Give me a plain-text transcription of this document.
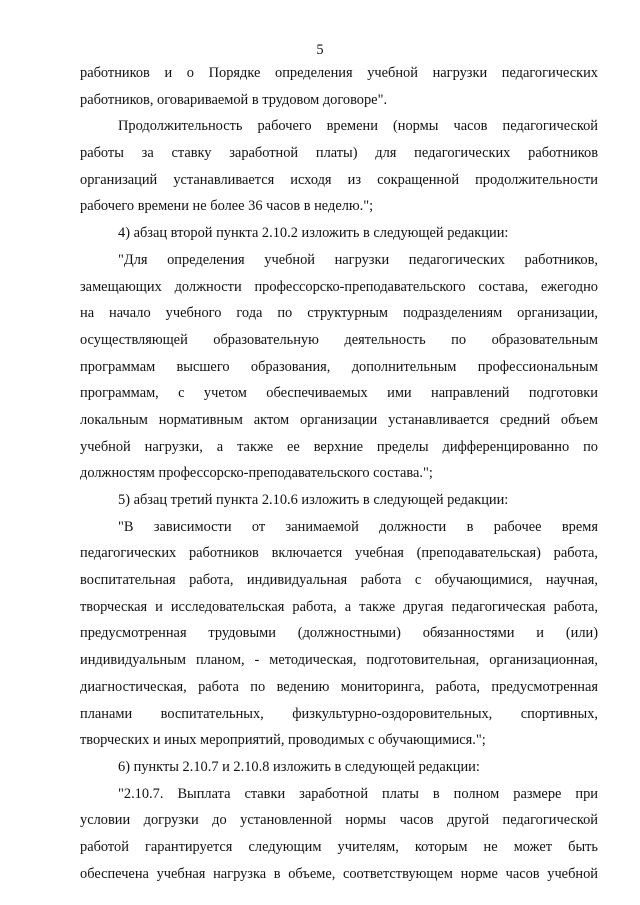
5
работников и о Порядке определения учебной нагрузки педагогических
работников, оговариваемой в трудовом договоре".
Продолжительность рабочего времени (нормы часов педагогической
работы за ставку заработной платы) для педагогических работников
организаций устанавливается исходя из сокращенной продолжительности
рабочего времени не более 36 часов в неделю.";
4) абзац второй пункта 2.10.2 изложить в следующей редакции:
"Для определения учебной нагрузки педагогических работников,
замещающих должности профессорско-преподавательского состава, ежегодно
на начало учебного года по структурным подразделениям организации,
осуществляющей образовательную деятельность по образовательным
программам высшего образования, дополнительным профессиональным
программам, с учетом обеспечиваемых ими направлений подготовки
локальным нормативным актом организации устанавливается средний объем
учебной нагрузки, а также ее верхние пределы дифференцированно по
должностям профессорско-преподавательского состава.";
5) абзац третий пункта 2.10.6 изложить в следующей редакции:
"В зависимости от занимаемой должности в рабочее время
педагогических работников включается учебная (преподавательская) работа,
воспитательная работа, индивидуальная работа с обучающимися, научная,
творческая и исследовательская работа, а также другая педагогическая работа,
предусмотренная трудовыми (должностными) обязанностями и (или)
индивидуальным планом, - методическая, подготовительная, организационная,
диагностическая, работа по ведению мониторинга, работа, предусмотренная
планами воспитательных, физкультурно-оздоровительных, спортивных,
творческих и иных мероприятий, проводимых с обучающимися.";
6) пункты 2.10.7 и 2.10.8 изложить в следующей редакции:
"2.10.7. Выплата ставки заработной платы в полном размере при
условии догрузки до установленной нормы часов другой педагогической
работой гарантируется следующим учителям, которым не может быть
обеспечена учебная нагрузка в объеме, соответствующем норме часов учебной
